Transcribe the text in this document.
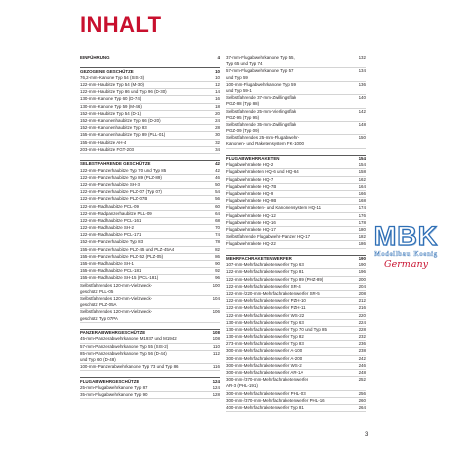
INHALT
EINFÜHRUNG	4
GEZOGENE GESCHÜTZE	10
76,2-mm-Kanone Typ 54 (SIS-3)	10
122-mm-Haubitze Typ 54 (M-30)	12
122-mm-Haubitze Typ 86 und Typ 96 (D-30)	14
130-mm-Kanone Typ 60 (D-74)	16
130-mm-Kanone Typ 59 (M-46)	18
152-mm-Haubitze Typ 54 (D-1)	20
152-mm-Kanonenhaubitze Typ 66 (D-20)	24
152-mm-Kanonenhaubitze Typ 83	28
155-mm-Kanonenhaubitze Typ 89 (PLL-01)	30
155-mm-Haubitze AH-4	32
203-mm-Haubitze FGT-203	34
SELBSTFAHRENDE GESCHÜTZE	42
122-mm-Panzerhaubitze Typ 70 und Typ 85	42
122-mm-Panzerhaubitze Typ 89 (PLZ-89)	46
122-mm-Panzerhaubitze SH-3	50
122-mm-Panzerhaubitze PLZ-07 (Typ 07)	54
122-mm-Panzerhaubitze PLZ-07B	56
122-mm-Radhaubitze PCL-09	60
122-mm-Radpanzerhaubitze PLL-09	64
122-mm-Radhaubitze PCL-161	68
122-mm-Radhaubitze SH-2	70
122-mm-Radhaubitze PCL-171	74
152-mm-Panzerhaubitze Typ 83	78
155-mm-Panzerhaubitze PLZ-45 und PLZ-45A4	82
155-mm-Panzerhaubitze PLZ-52 (PLZ-05)	86
155-mm-Radhaubitze SH-1	90
155-mm-Radhaubitze PCL-181	92
155-mm-Radhaubitze SH-15 (PCL-181)	96
Selbstfahrendes 120-mm-Vielzweck-
geschütz PLL-05
100
Selbstfahrendes 120-mm-Vielzweck-
geschütz PLZ-05A
104
Selbstfahrendes 120-mm-Vielzweck-
geschütz Typ 07PA
106
PANZERABWEHRGESCHÜTZE	108
45-mm-Panzerabwehrkanone M1937 und M1942	108
57-mm-Panzerabwehrkanone Typ 55 (SIS-2)	110
85-mm-Panzerabwehrkanone Typ 56 (D-44)
und Typ 60 (D-48)
112
100-mm-Panzerabwehrkanone Typ 73 und Typ 86	116
FLUGABWEHRGESCHÜTZE	124
25-mm-Flugabwehrkanone Typ 87	124
35-mm-Flugabwehrkanone Typ 90	128
37-mm-Flugabwehrkanone Typ 55,
Typ 65 und Typ 74
132
57-mm-Flugabwehrkanone Typ 57
und Typ 59
134
100-mm-Flugabwehrkanone Typ 59
und Typ 59-1
136
Selbstfahrende 37-mm-Zwillingsflak
PGZ-88 (Typ 88)
140
Selbstfahrende 25-mm-Vierlingsflak
PGZ-95 (Typ 95)
142
Selbstfahrende 35-mm-Zwillingsflak
PGZ-09 (Typ 09)
148
Selbstfahrendes 25-mm-Flugabwehr-
Kanonen- und Raketensystem FK-1000
150
FLUGABWEHRRAKETEN	154
Flugabwehrrakete HQ-2	154
Flugabwehrraketen HQ-6 und HQ-64	158
Flugabwehrrakete HQ-7	162
Flugabwehrrakete HQ-7B	164
Flugabwehrrakete HQ-9	166
Flugabwehrrakete HQ-9B	168
Flugabwehrraketen- und Kanonensystem HQ-11	174
Flugabwehrrakete HQ-12	176
Flugabwehrrakete HQ-16	178
Flugabwehrrakete HQ-17	180
Selbstfahrende Flugabwehr-Panzer HQ-17	182
Flugabwehrrakete HQ-22	186
MEHRFACHRAKETENWERFER	190
107-mm-Mehrfachraketenwerfer Typ 63	190
122-mm-Mehrfachraketenwerfer Typ 81	196
122-mm-Mehrfachraketenwerfer Typ 89 (PHZ-89)	200
122-mm-Mehrfachraketenwerfer SR-4	204
122-mm-/220-mm-Mehrfachraketenwerfer SR-5	208
122-mm-Mehrfachraketenwerfer PZH-10	212
122-mm-Mehrfachraketenwerfer PZH-11	216
122-mm-Mehrfachraketenwerfer WS-22	220
130-mm-Mehrfachraketenwerfer Typ 63	224
130-mm-Mehrfachraketenwerfer Typ 70 und Typ 85	228
130-mm-Mehrfachraketenwerfer Typ 82	232
273-mm-Mehrfachraketenwerfer Typ 83	236
300-mm-Mehrfachraketenwerfer A-100	238
300-mm-Mehrfachraketenwerfer A-200	242
300-mm-Mehrfachraketenwerfer WS-2	246
300-mm-Mehrfachraketenwerfer AR-1A	248
300-mm-/370-mm-Mehrfachraketenwerfer
AR-3 (PHL-191)
252
300-mm-Mehrfachraketenwerfer PHL-03	256
300-mm-/370-mm-Mehrfachraketenwerfer PHL-16	260
400-mm-Mehrfachraketenwerfer Typ 81	264
MBK
Modellbau Koenig
Germany
3
